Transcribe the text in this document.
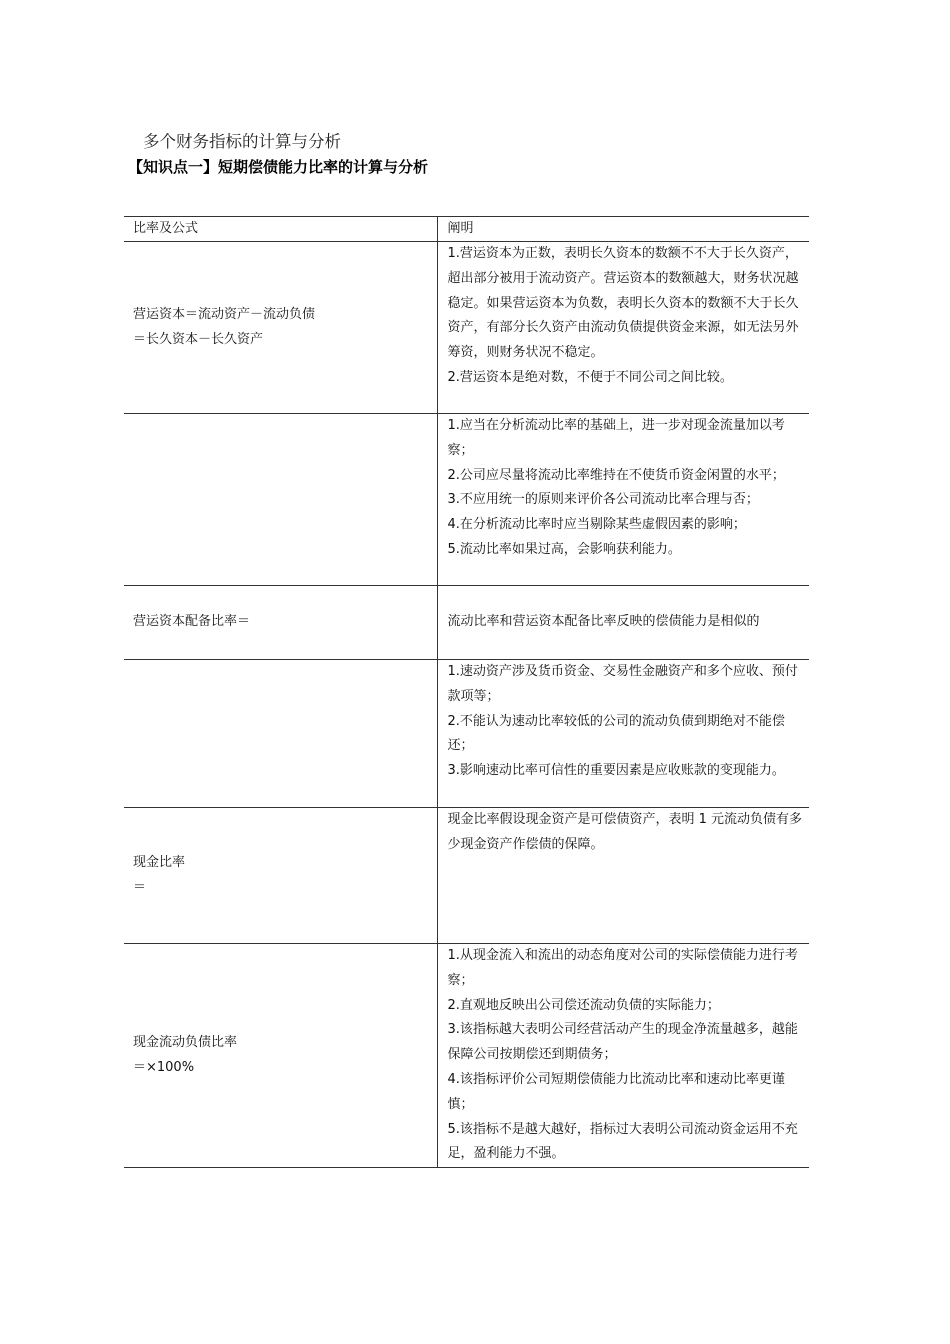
多个财务指标的计算与分析
【知识点一】短期偿债能力比率的计算与分析
比率及公式	阐明

营运资本＝流动资产－流动负债
＝长久资本－长久资产	1.营运资本为正数，表明长久资本的数额不不大于长久资产，超出部分被用于流动资产。营运资本的数额越大，财务状况越稳定。如果营运资本为负数，表明长久资本的数额不大于长久资产，有部分长久资产由流动负债提供资金来源，如无法另外筹资，则财务状况不稳定。
2.营运资本是绝对数，不便于不同公司之间比较。

	1.应当在分析流动比率的基础上，进一步对现金流量加以考察；
2.公司应尽量将流动比率维持在不使货币资金闲置的水平；
3.不应用统一的原则来评价各公司流动比率合理与否；
4.在分析流动比率时应当剔除某些虚假因素的影响；
5.流动比率如果过高，会影响获利能力。

营运资本配备比率＝	流动比率和营运资本配备比率反映的偿债能力是相似的

	1.速动资产涉及货币资金、交易性金融资产和多个应收、预付款项等；
2.不能认为速动比率较低的公司的流动负债到期绝对不能偿还；
3.影响速动比率可信性的重要因素是应收账款的变现能力。

现金比率
＝	现金比率假设现金资产是可偿债资产，表明 1 元流动负债有多少现金资产作偿债的保障。

现金流动负债比率
＝×100%	1.从现金流入和流出的动态角度对公司的实际偿债能力进行考察；
2.直观地反映出公司偿还流动负债的实际能力；
3.该指标越大表明公司经营活动产生的现金净流量越多，越能保障公司按期偿还到期债务；
4.该指标评价公司短期偿债能力比流动比率和速动比率更谨慎；
5.该指标不是越大越好，指标过大表明公司流动资金运用不充足，盈利能力不强。
